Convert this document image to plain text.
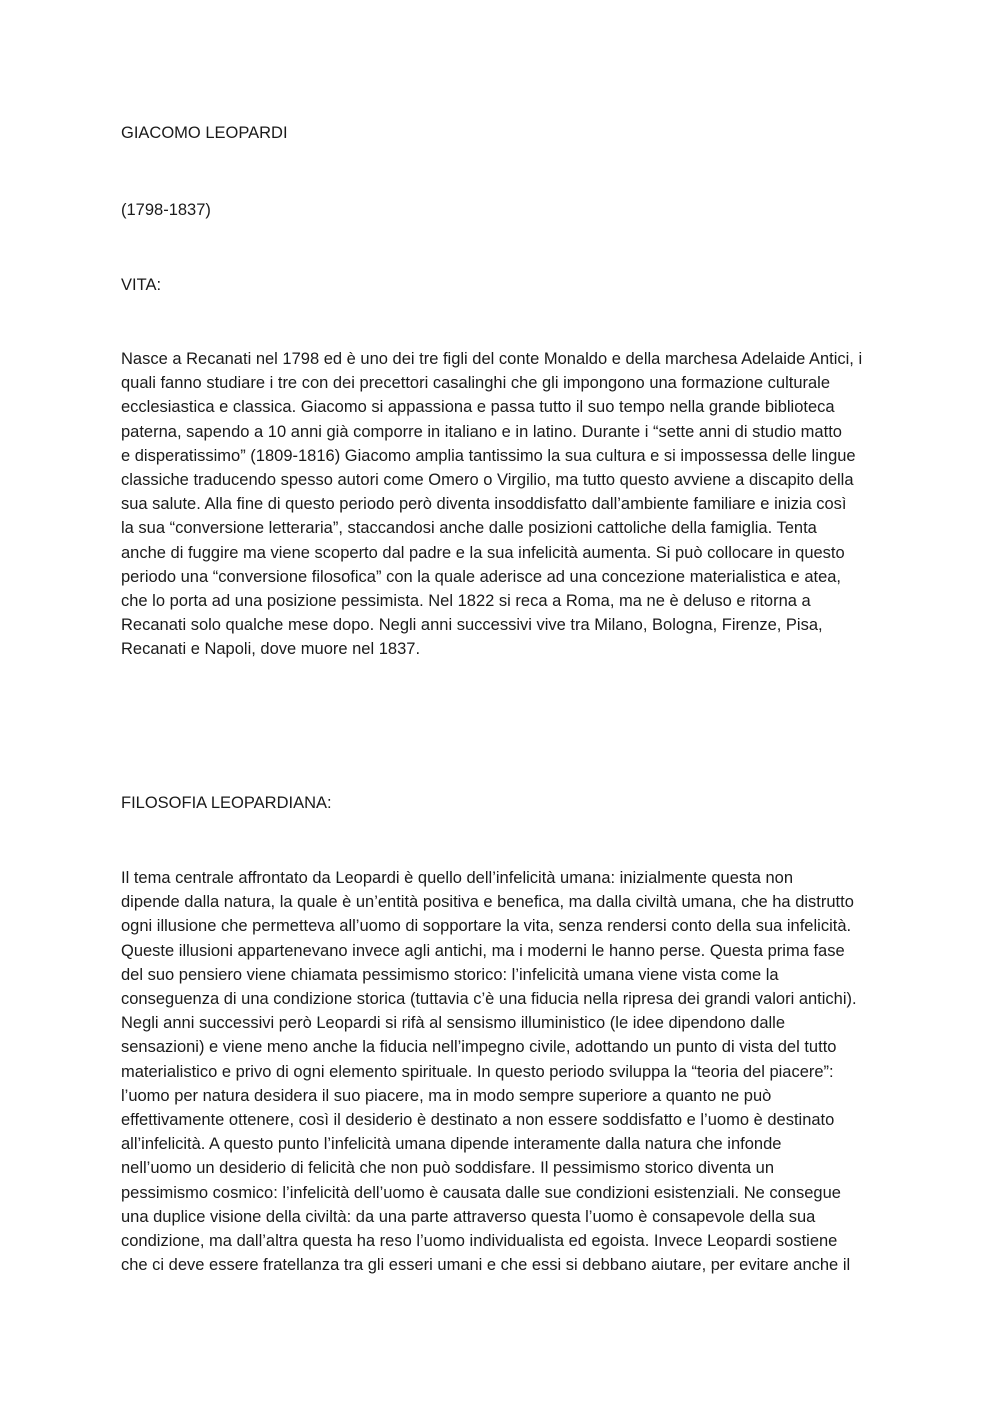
GIACOMO LEOPARDI

(1798-1837)

VITA:

Nasce a Recanati nel 1798 ed è uno dei tre figli del conte Monaldo e della marchesa Adelaide Antici, i
quali fanno studiare i tre con dei precettori casalinghi che gli impongono una formazione culturale
ecclesiastica e classica. Giacomo si appassiona e passa tutto il suo tempo nella grande biblioteca
paterna, sapendo a 10 anni già comporre in italiano e in latino. Durante i “sette anni di studio matto
e disperatissimo” (1809-1816) Giacomo amplia tantissimo la sua cultura e si impossessa delle lingue
classiche traducendo spesso autori come Omero o Virgilio, ma tutto questo avviene a discapito della
sua salute. Alla fine di questo periodo però diventa insoddisfatto dall’ambiente familiare e inizia così
la sua “conversione letteraria”, staccandosi anche dalle posizioni cattoliche della famiglia. Tenta
anche di fuggire ma viene scoperto dal padre e la sua infelicità aumenta. Si può collocare in questo
periodo una “conversione filosofica” con la quale aderisce ad una concezione materialistica e atea,
che lo porta ad una posizione pessimista. Nel 1822 si reca a Roma, ma ne è deluso e ritorna a
Recanati solo qualche mese dopo. Negli anni successivi vive tra Milano, Bologna, Firenze, Pisa,
Recanati e Napoli, dove muore nel 1837.

FILOSOFIA LEOPARDIANA:

Il tema centrale affrontato da Leopardi è quello dell’infelicità umana: inizialmente questa non
dipende dalla natura, la quale è un’entità positiva e benefica, ma dalla civiltà umana, che ha distrutto
ogni illusione che permetteva all’uomo di sopportare la vita, senza rendersi conto della sua infelicità.
Queste illusioni appartenevano invece agli antichi, ma i moderni le hanno perse. Questa prima fase
del suo pensiero viene chiamata pessimismo storico: l’infelicità umana viene vista come la
conseguenza di una condizione storica (tuttavia c’è una fiducia nella ripresa dei grandi valori antichi).
Negli anni successivi però Leopardi si rifà al sensismo illuministico (le idee dipendono dalle
sensazioni) e viene meno anche la fiducia nell’impegno civile, adottando un punto di vista del tutto
materialistico e privo di ogni elemento spirituale. In questo periodo sviluppa la “teoria del piacere”:
l’uomo per natura desidera il suo piacere, ma in modo sempre superiore a quanto ne può
effettivamente ottenere, così il desiderio è destinato a non essere soddisfatto e l’uomo è destinato
all’infelicità. A questo punto l’infelicità umana dipende interamente dalla natura che infonde
nell’uomo un desiderio di felicità che non può soddisfare. Il pessimismo storico diventa un
pessimismo cosmico: l’infelicità dell’uomo è causata dalle sue condizioni esistenziali. Ne consegue
una duplice visione della civiltà: da una parte attraverso questa l’uomo è consapevole della sua
condizione, ma dall’altra questa ha reso l’uomo individualista ed egoista. Invece Leopardi sostiene
che ci deve essere fratellanza tra gli esseri umani e che essi si debbano aiutare, per evitare anche il
